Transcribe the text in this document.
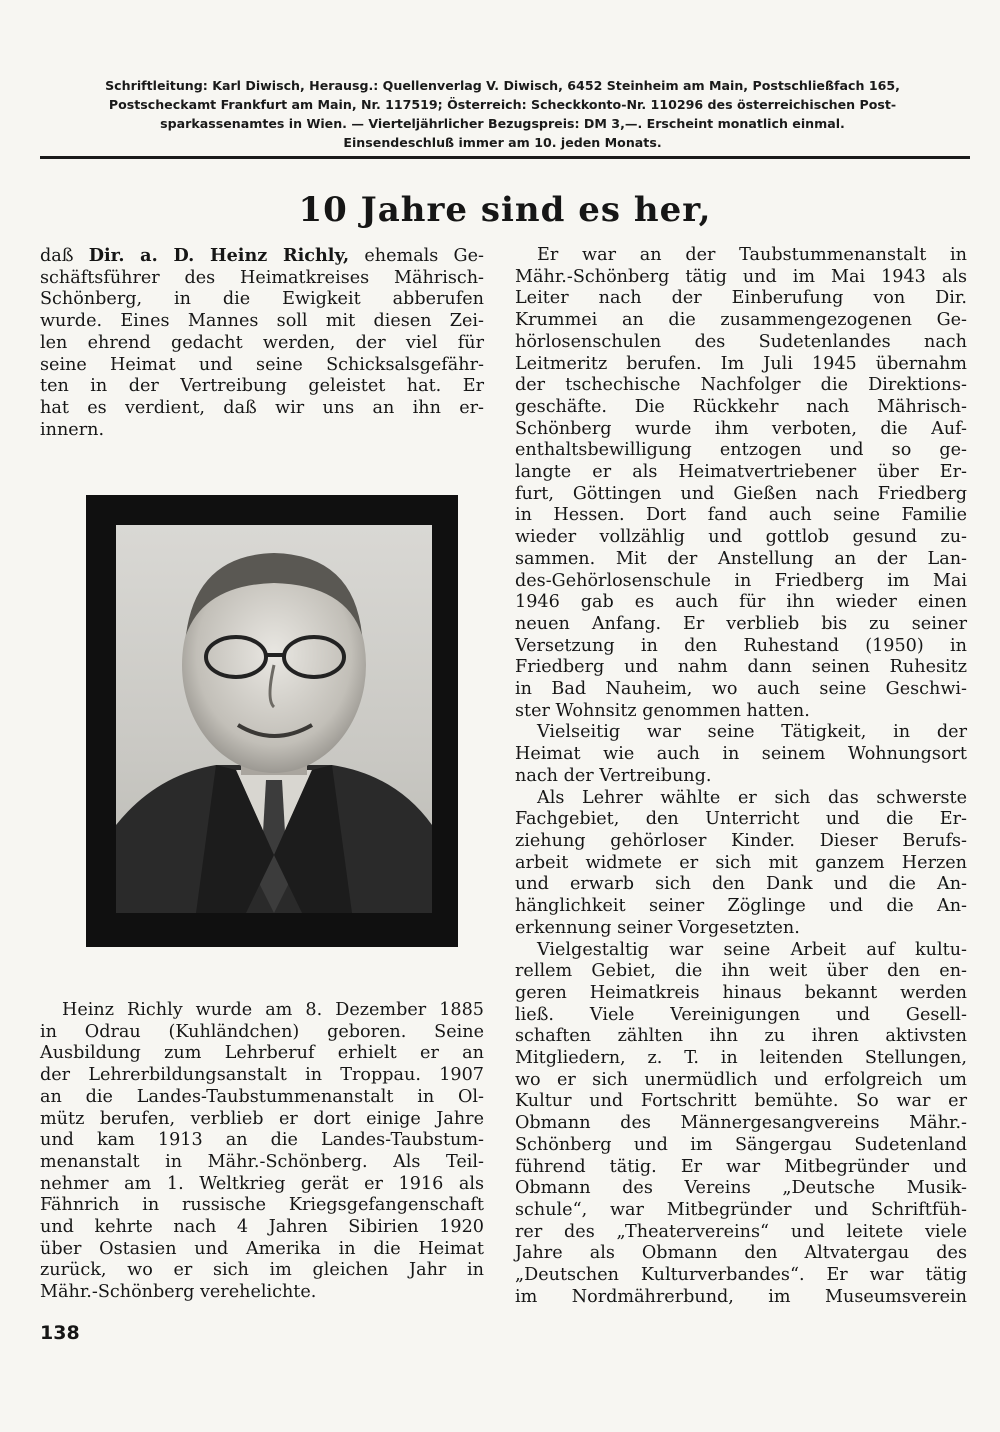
Schriftleitung: Karl Diwisch, Herausg.: Quellenverlag V. Diwisch, 6452 Steinheim am Main, Postschließfach 165,
Postscheckamt Frankfurt am Main, Nr. 117519; Österreich: Scheckkonto-Nr. 110296 des österreichischen Post-
sparkassenamtes in Wien. — Vierteljährlicher Bezugspreis: DM 3,—. Erscheint monatlich einmal.
Einsendeschluß immer am 10. jeden Monats.
10 Jahre sind es her,
daß Dir. a. D. Heinz Richly, ehemals Ge-
schäftsführer des Heimatkreises Mährisch-
Schönberg, in die Ewigkeit abberufen
wurde. Eines Mannes soll mit diesen Zei-
len ehrend gedacht werden, der viel für
seine Heimat und seine Schicksalsgefähr-
ten in der Vertreibung geleistet hat. Er
hat es verdient, daß wir uns an ihn er-
innern.
Heinz Richly wurde am 8. Dezember 1885
in Odrau (Kuhländchen) geboren. Seine
Ausbildung zum Lehrberuf erhielt er an
der Lehrerbildungsanstalt in Troppau. 1907
an die Landes-Taubstummenanstalt in Ol-
mütz berufen, verblieb er dort einige Jahre
und kam 1913 an die Landes-Taubstum-
menanstalt in Mähr.-Schönberg. Als Teil-
nehmer am 1. Weltkrieg gerät er 1916 als
Fähnrich in russische Kriegsgefangenschaft
und kehrte nach 4 Jahren Sibirien 1920
über Ostasien und Amerika in die Heimat
zurück, wo er sich im gleichen Jahr in
Mähr.-Schönberg verehelichte.
Er war an der Taubstummenanstalt in
Mähr.-Schönberg tätig und im Mai 1943 als
Leiter nach der Einberufung von Dir.
Krummei an die zusammengezogenen Ge-
hörlosenschulen des Sudetenlandes nach
Leitmeritz berufen. Im Juli 1945 übernahm
der tschechische Nachfolger die Direktions-
geschäfte. Die Rückkehr nach Mährisch-
Schönberg wurde ihm verboten, die Auf-
enthaltsbewilligung entzogen und so ge-
langte er als Heimatvertriebener über Er-
furt, Göttingen und Gießen nach Friedberg
in Hessen. Dort fand auch seine Familie
wieder vollzählig und gottlob gesund zu-
sammen. Mit der Anstellung an der Lan-
des-Gehörlosenschule in Friedberg im Mai
1946 gab es auch für ihn wieder einen
neuen Anfang. Er verblieb bis zu seiner
Versetzung in den Ruhestand (1950) in
Friedberg und nahm dann seinen Ruhesitz
in Bad Nauheim, wo auch seine Geschwi-
ster Wohnsitz genommen hatten.
Vielseitig war seine Tätigkeit, in der
Heimat wie auch in seinem Wohnungsort
nach der Vertreibung.
Als Lehrer wählte er sich das schwerste
Fachgebiet, den Unterricht und die Er-
ziehung gehörloser Kinder. Dieser Berufs-
arbeit widmete er sich mit ganzem Herzen
und erwarb sich den Dank und die An-
hänglichkeit seiner Zöglinge und die An-
erkennung seiner Vorgesetzten.
Vielgestaltig war seine Arbeit auf kultu-
rellem Gebiet, die ihn weit über den en-
geren Heimatkreis hinaus bekannt werden
ließ. Viele Vereinigungen und Gesell-
schaften zählten ihn zu ihren aktivsten
Mitgliedern, z. T. in leitenden Stellungen,
wo er sich unermüdlich und erfolgreich um
Kultur und Fortschritt bemühte. So war er
Obmann des Männergesangvereins Mähr.-
Schönberg und im Sängergau Sudetenland
führend tätig. Er war Mitbegründer und
Obmann des Vereins „Deutsche Musik-
schule“, war Mitbegründer und Schriftfüh-
rer des „Theatervereins“ und leitete viele
Jahre als Obmann den Altvatergau des
„Deutschen Kulturverbandes“. Er war tätig
im Nordmährerbund, im Museumsverein
138
